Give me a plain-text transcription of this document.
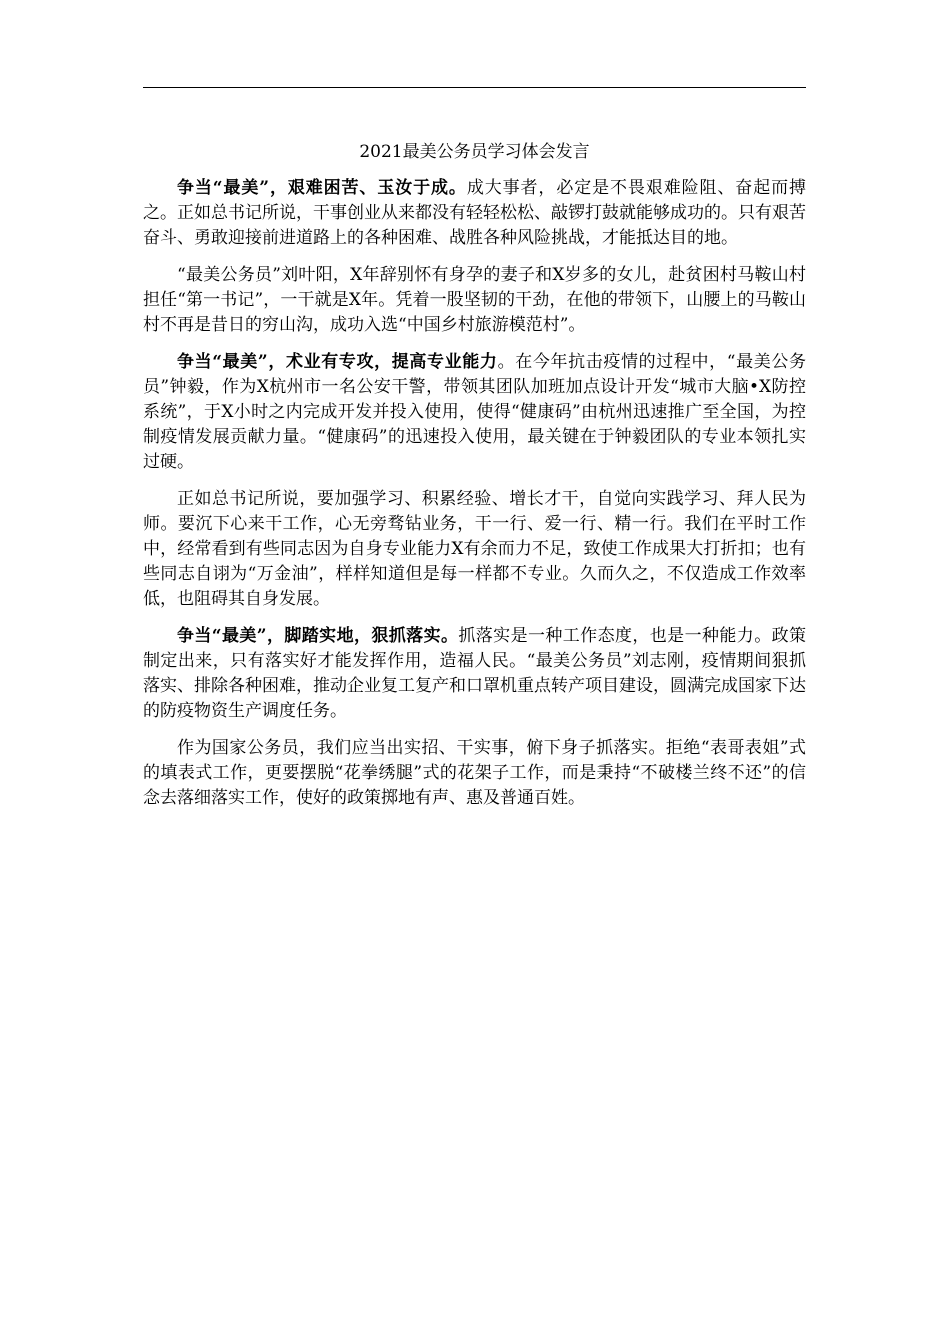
2021最美公务员学习体会发言

争当“最美”，艰难困苦、玉汝于成。成大事者，必定是不畏艰难险阻、奋起而搏之。正如总书记所说，干事创业从来都没有轻轻松松、敲锣打鼓就能够成功的。只有艰苦奋斗、勇敢迎接前进道路上的各种困难、战胜各种风险挑战，才能抵达目的地。

“最美公务员”刘叶阳，X年辞别怀有身孕的妻子和X岁多的女儿，赴贫困村马鞍山村担任“第一书记”，一干就是X年。凭着一股坚韧的干劲，在他的带领下，山腰上的马鞍山村不再是昔日的穷山沟，成功入选“中国乡村旅游模范村”。

争当“最美”，术业有专攻，提高专业能力。在今年抗击疫情的过程中，“最美公务员”钟毅，作为X杭州市一名公安干警，带领其团队加班加点设计开发“城市大脑•X防控系统”，于X小时之内完成开发并投入使用，使得“健康码”由杭州迅速推广至全国，为控制疫情发展贡献力量。“健康码”的迅速投入使用，最关键在于钟毅团队的专业本领扎实过硬。

正如总书记所说，要加强学习、积累经验、增长才干，自觉向实践学习、拜人民为师。要沉下心来干工作，心无旁骛钻业务，干一行、爱一行、精一行。我们在平时工作中，经常看到有些同志因为自身专业能力X有余而力不足，致使工作成果大打折扣；也有些同志自诩为“万金油”，样样知道但是每一样都不专业。久而久之，不仅造成工作效率低，也阻碍其自身发展。

争当“最美”，脚踏实地，狠抓落实。抓落实是一种工作态度，也是一种能力。政策制定出来，只有落实好才能发挥作用，造福人民。“最美公务员”刘志刚，疫情期间狠抓落实、排除各种困难，推动企业复工复产和口罩机重点转产项目建设，圆满完成国家下达的防疫物资生产调度任务。

作为国家公务员，我们应当出实招、干实事，俯下身子抓落实。拒绝“表哥表姐”式的填表式工作，更要摆脱“花拳绣腿”式的花架子工作，而是秉持“不破楼兰终不还”的信念去落细落实工作，使好的政策掷地有声、惠及普通百姓。
